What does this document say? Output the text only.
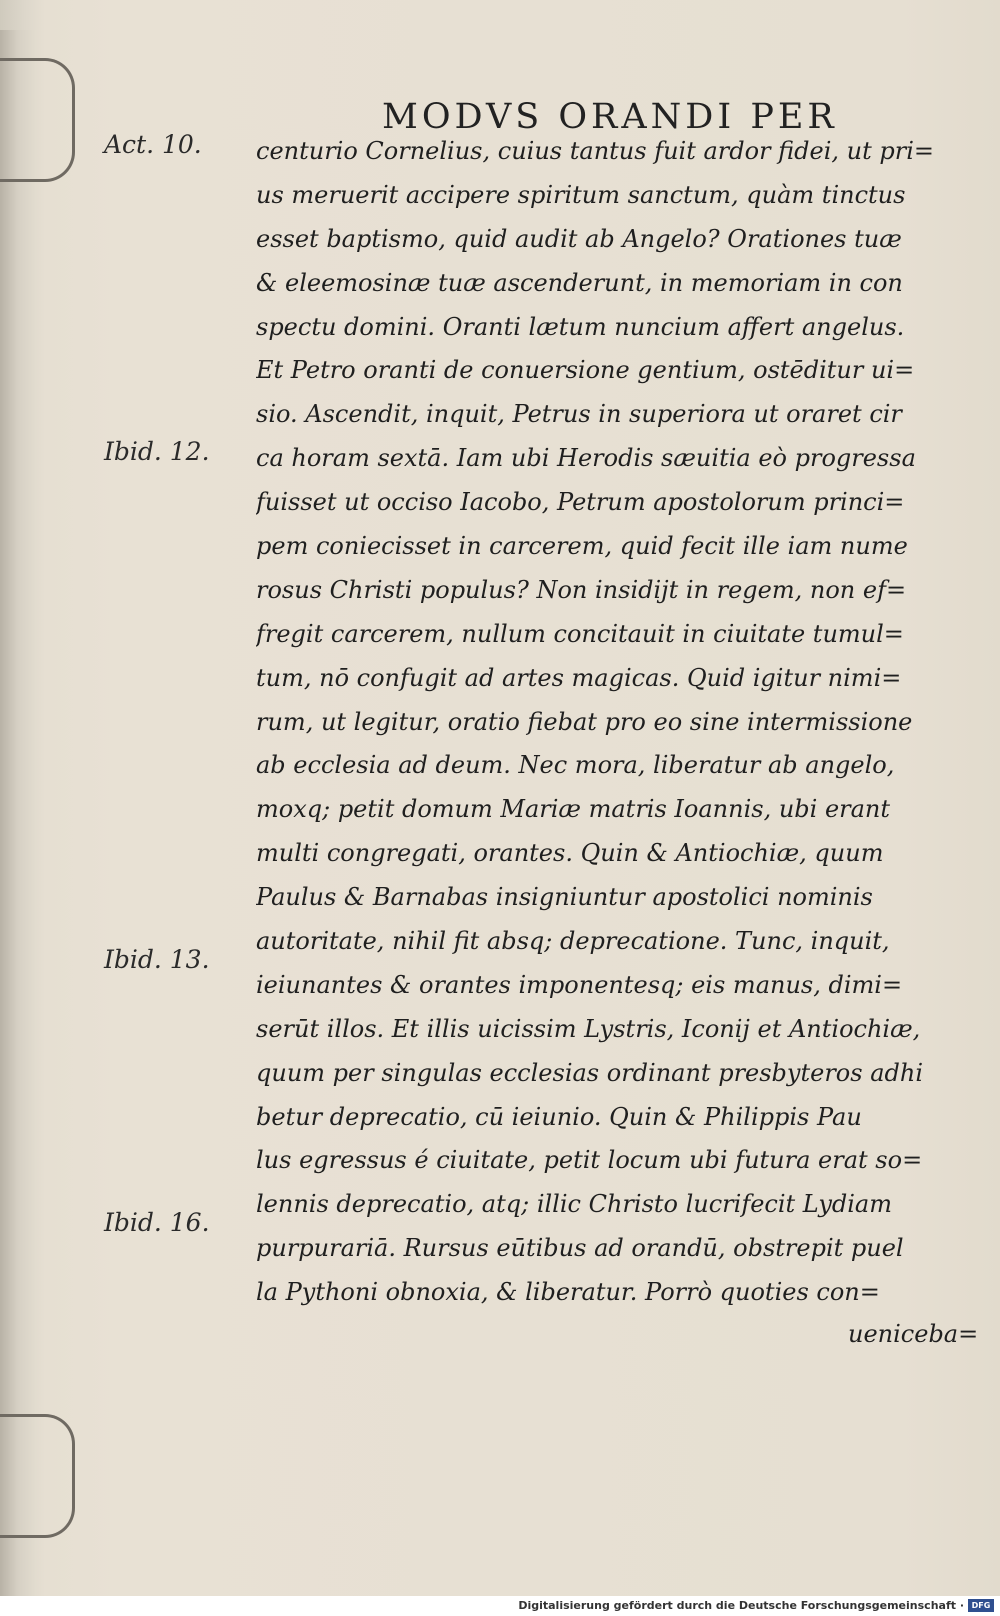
MODVS ORANDI PER
Act. 10.
Ibid. 12.
Ibid. 13.
Ibid. 16.
centurio Cornelius, cuius tantus fuit ardor fidei, ut pri=
us meruerit accipere spiritum sanctum, quàm tinctus
esset baptismo, quid audit ab Angelo? Orationes tuæ
& eleemosinæ tuæ ascenderunt, in memoriam in con
spectu domini. Oranti lætum nuncium affert angelus.
Et Petro oranti de conuersione gentium, ostēditur ui=
sio. Ascendit, inquit, Petrus in superiora ut oraret cir
ca horam sextā. Iam ubi Herodis sæuitia eò progressa
fuisset ut occiso Iacobo, Petrum apostolorum princi=
pem coniecisset in carcerem, quid fecit ille iam nume
rosus Christi populus? Non insidijt in regem, non ef=
fregit carcerem, nullum concitauit in ciuitate tumul=
tum, nō confugit ad artes magicas. Quid igitur nimi=
rum, ut legitur, oratio fiebat pro eo sine intermissione
ab ecclesia ad deum. Nec mora, liberatur ab angelo,
moxq; petit domum Mariæ matris Ioannis, ubi erant
multi congregati, orantes. Quin & Antiochiæ, quum
Paulus & Barnabas insigniuntur apostolici nominis
autoritate, nihil fit absq; deprecatione. Tunc, inquit,
ieiunantes & orantes imponentesq; eis manus, dimi=
serūt illos. Et illis uicissim Lystris, Iconij et Antiochiæ,
quum per singulas ecclesias ordinant presbyteros adhi
betur deprecatio, cū ieiunio. Quin & Philippis Pau
lus egressus é ciuitate, petit locum ubi futura erat so=
lennis deprecatio, atq; illic Christo lucrifecit Lydiam
purpurariā. Rursus eūtibus ad orandū, obstrepit puel
la Pythoni obnoxia, & liberatur. Porrò quoties con=
ueniceba=
Digitalisierung gefördert durch die Deutsche Forschungsgemeinschaft · DFG
